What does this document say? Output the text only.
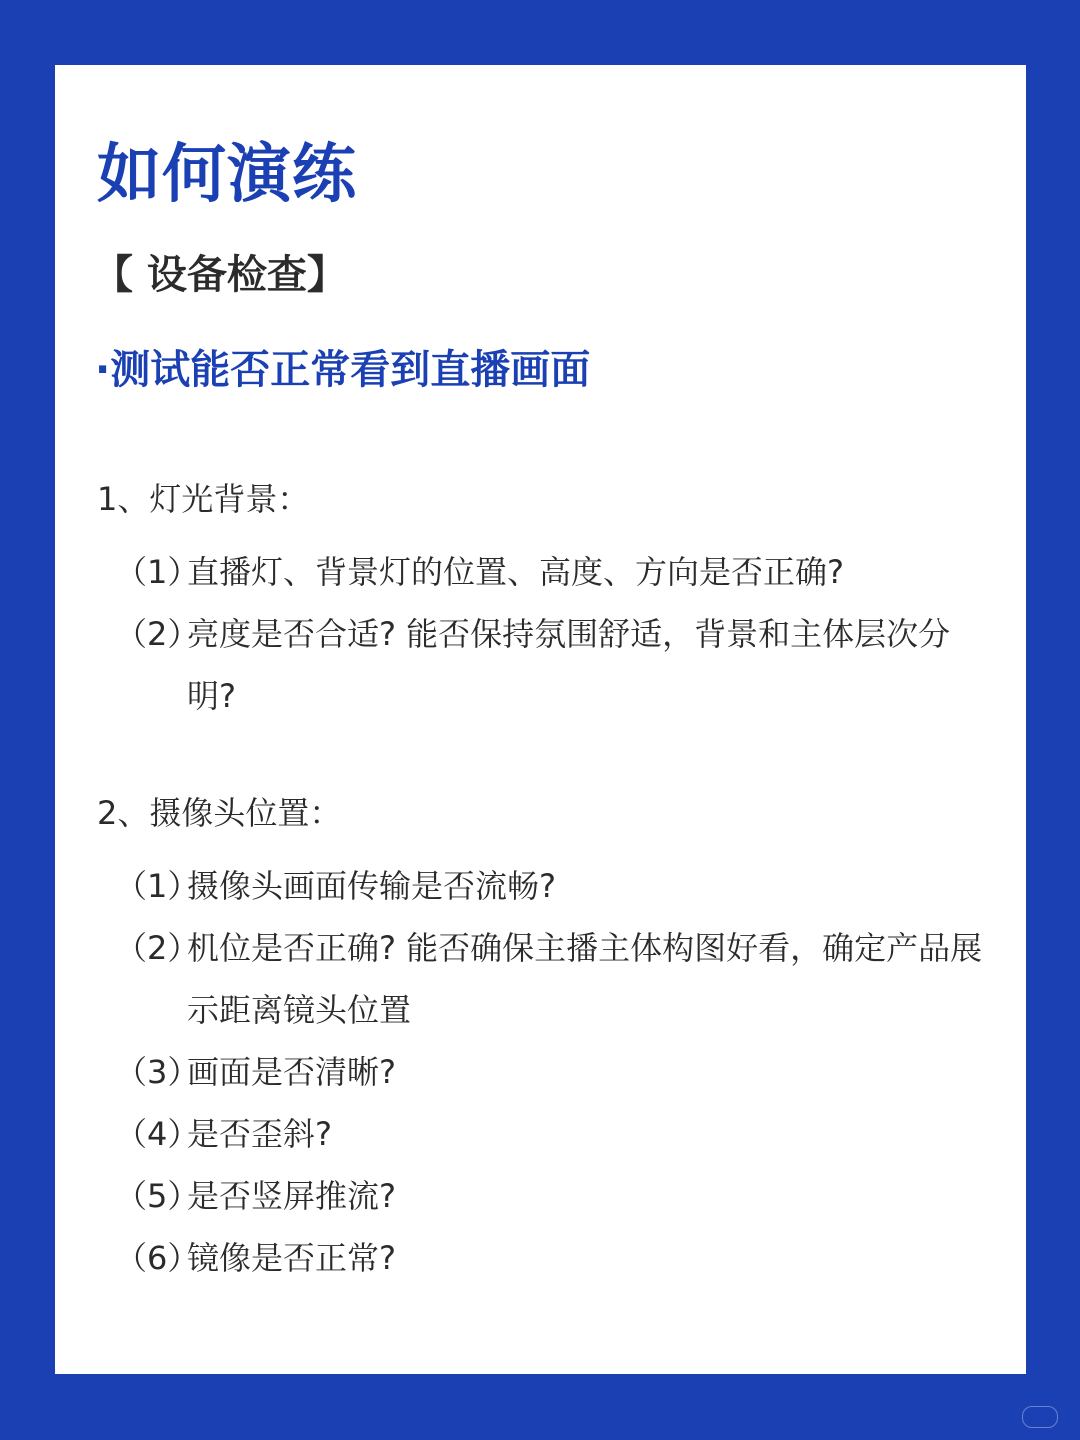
如何演练
【 设备检查】
·测试能否正常看到直播画面
1、灯光背景：
（1）
直播灯、背景灯的位置、高度、方向是否正确?
（2）
亮度是否合适? 能否保持氛围舒适，背景和主体层次分明?
2、摄像头位置：
（1）
摄像头画面传输是否流畅?
（2）
机位是否正确? 能否确保主播主体构图好看，确定产品展示距离镜头位置
（3）
画面是否清晰?
（4）
是否歪斜?
（5）
是否竖屏推流?
（6）
镜像是否正常?
